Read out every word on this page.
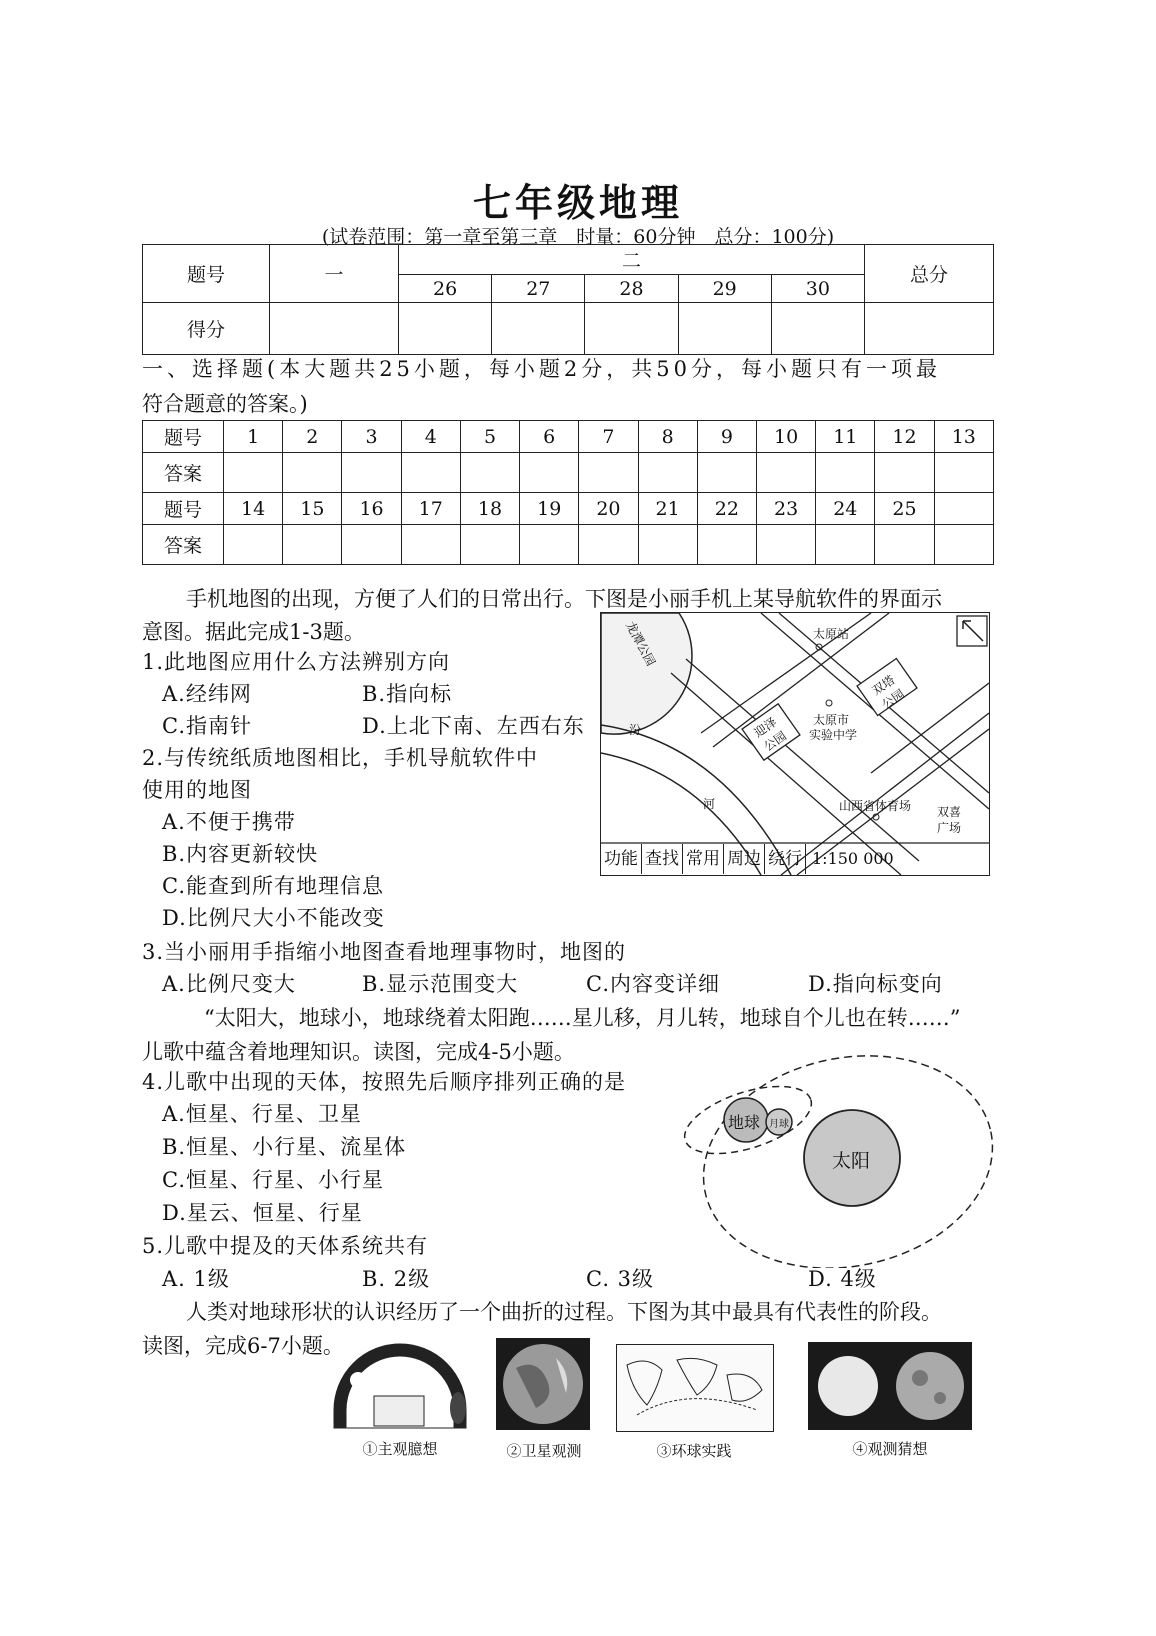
七年级地理
(试卷范围：第一章至第三章　时量：60分钟　总分：100分)
题号	一	二					总分
		26	27	28	29	30	
得分							
一、选择题(本大题共25小题，每小题2分，共50分，每小题只有一项最
符合题意的答案。)
题号	1	2	3	4	5	6	7	8	9	10	11	12	13
答案													
题号	14	15	16	17	18	19	20	21	22	23	24	25	
答案													
手机地图的出现，方便了人们的日常出行。下图是小丽手机上某导航软件的界面示
意图。据此完成1-3题。
1.此地图应用什么方法辨别方向
A.经纬网	B.指向标
C.指南针	D.上北下南、左西右东
2.与传统纸质地图相比，手机导航软件中
使用的地图
A.不便于携带
B.内容更新较快
C.能查到所有地理信息
D.比例尺大小不能改变
龙潭公园	太原站
迎泽公园
太原市
实验中学
双塔公园
汾
河	山西省体育场 双喜
广场
功能 查找 常用 周边 绕行 1:150 000
3.当小丽用手指缩小地图查看地理事物时，地图的
A.比例尺变大	B.显示范围变大	C.内容变详细	D.指向标变向
“太阳大，地球小，地球绕着太阳跑……星儿移，月儿转，地球自个儿也在转……”
儿歌中蕴含着地理知识。读图，完成4-5小题。
4.儿歌中出现的天体，按照先后顺序排列正确的是
A.恒星、行星、卫星
B.恒星、小行星、流星体
C.恒星、行星、小行星
D.星云、恒星、行星
5.儿歌中提及的天体系统共有
A. 1级	B. 2级	C. 3级	D. 4级
地球 月球
太阳
人类对地球形状的认识经历了一个曲折的过程。下图为其中最具有代表性的阶段。
读图，完成6-7小题。
①主观臆想	②卫星观测	③环球实践	④观测猜想
